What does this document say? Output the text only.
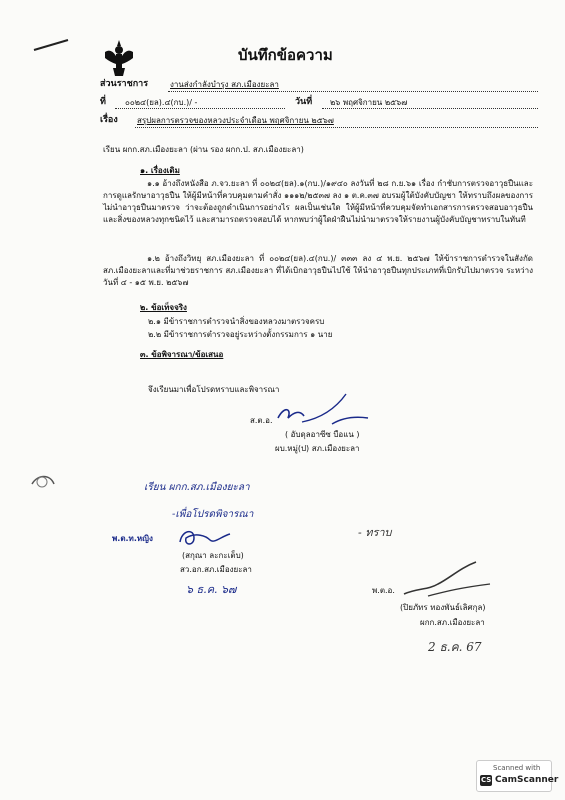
บันทึกข้อความ
ส่วนราชการ	งานส่งกำลังบำรุง สภ.เมืองยะลา
ที่ ๐๐๒๔(ยล).๔(กบ.)/ -	วันที่ ๒๖ พฤศจิกายน ๒๕๖๗
เรื่อง สรุปผลการตรวจของหลวงประจำเดือน พฤศจิกายน ๒๕๖๗
เรียน ผกก.สภ.เมืองยะลา (ผ่าน รอง ผกก.ป. สภ.เมืองยะลา)
๑. เรื่องเดิม
๑.๑ อ้างถึงหนังสือ ภ.จว.ยะลา ที่ ๐๐๒๔(ยล).๑(กบ.)/๑๙๔๐ ลงวันที่ ๒๘ ก.ย.๖๑ เรื่อง กำชับการตรวจอาวุธปืนและการดูแลรักษาอาวุธปืน ให้ผู้มีหน้าที่ควบคุมตามคำสั่ง ๑๑๑๒/๒๕๓๗ ลง ๑ ต.ค.๓๗ อบรมผู้ใต้บังคับบัญชา ให้ทราบถึงผลของการไม่นำอาวุธปืนมาตรวจ ว่าจะต้องถูกดำเนินการอย่างไร ผลเป็นเช่นใด ให้ผู้มีหน้าที่ควบคุมจัดทำเอกสารการตรวจสอบอาวุธปืนและสิ่งของหลวงทุกชนิดไว้ และสามารถตรวจสอบได้ หากพบว่าผู้ใดฝ่าฝืนไม่นำมาตรวจให้รายงานผู้บังคับบัญชาทราบในทันที
๑.๒ อ้างถึงวิทยุ สภ.เมืองยะลา ที่ ๐๐๒๔(ยล).๔(กบ.)/ ๓๓๓ ลง ๔ พ.ย. ๒๕๖๗ ให้ข้าราชการตำรวจในสังกัด สภ.เมืองยะลาและที่มาช่วยราชการ สภ.เมืองยะลา ที่ได้เบิกอาวุธปืนไปใช้ ให้นำอาวุธปืนทุกประเภทที่เบิกรับไปมาตรวจ ระหว่างวันที่ ๔ - ๑๕ พ.ย. ๒๕๖๗
๒. ข้อเท็จจริง
๒.๑ มีข้าราชการตำรวจนำสิ่งของหลวงมาตรวจครบ
๒.๒ มีข้าราชการตำรวจอยู่ระหว่างตั้งกรรมการ ๑ นาย
๓. ข้อพิจารณา/ข้อเสนอ
จึงเรียนมาเพื่อโปรดทราบและพิจารณา
ส.ต.อ.
( อับดุลอาซีซ บือแน )
ผบ.หมู่(ป) สภ.เมืองยะลา
เรียน ผกก.สภ.เมืองยะลา
-เพื่อโปรดพิจารณา
พ.ต.ท.หญิง
(สกุณา ละกะเต็บ)
สว.อก.สภ.เมืองยะลา
๖ ธ.ค. ๖๗
- ทราบ
พ.ต.อ.
(ปิยภัทร ทองพันธ์เลิศกุล)
ผกก.สภ.เมืองยะลา
2 ธ.ค. 67
Scanned with
CS CamScanner
